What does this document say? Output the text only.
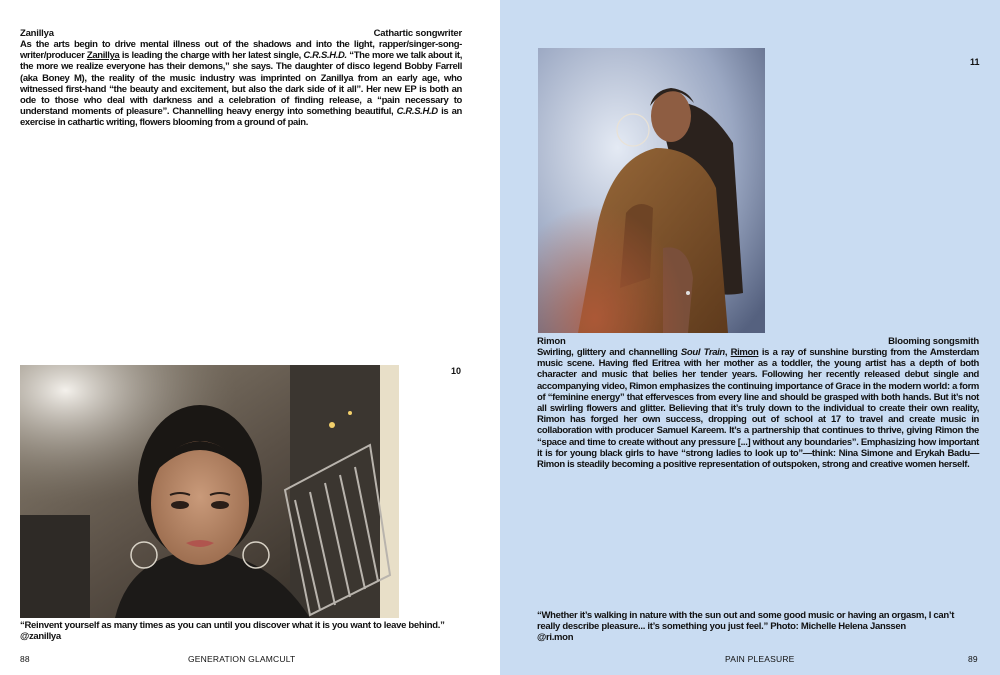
Zanillya	Cathartic songwriter

As the arts begin to drive mental illness out of the shadows and into the light, rapper/singer-song-writer/producer Zanillya is leading the charge with her latest single, C.R.S.H.D. “The more we talk about it, the more we realize everyone has their demons,” she says. The daughter of disco legend Bobby Farrell (aka Boney M), the reality of the music industry was imprinted on Zanillya from an early age, who witnessed first-hand “the beauty and excitement, but also the dark side of it all”. Her new EP is both an ode to those who deal with darkness and a celebration of finding release, a “pain necessary to understand moments of pleasure”. Channelling heavy energy into something beautiful, C.R.S.H.D is an exercise in cathartic writing, flowers blooming from a ground of pain.

10
“Reinvent yourself as many times as you can until you discover what it is you want to leave behind.”
@zanillya
88	GENERATION GLAMCULT
11
Rimon	Blooming songsmith

Swirling, glittery and channelling Soul Train, Rimon is a ray of sunshine bursting from the Amsterdam music scene. Having fled Eritrea with her mother as a toddler, the young artist has a depth of both character and music that belies her tender years. Following her recently released debut single and accompanying video, Rimon emphasizes the continuing importance of Grace in the modern world: a form of “feminine energy” that effervesces from every line and should be grasped with both hands. But it’s not all swirling flowers and glitter. Believing that it’s truly down to the individual to create their own reality, Rimon has forged her own success, dropping out of school at 17 to travel and create music in collaboration with producer Samuel Kareem. It’s a partnership that continues to thrive, giving Rimon the “space and time to create without any pressure [...] without any boundaries”. Emphasizing how important it is for young black girls to have “strong ladies to look up to”—think: Nina Simone and Erykah Badu—Rimon is steadily becoming a positive representation of outspoken, strong and creative women herself.

“Whether it’s walking in nature with the sun out and some good music or having an orgasm, I can’t really describe pleasure... it’s something you just feel.” Photo: Michelle Helena Janssen
@ri.mon
PAIN PLEASURE	89
